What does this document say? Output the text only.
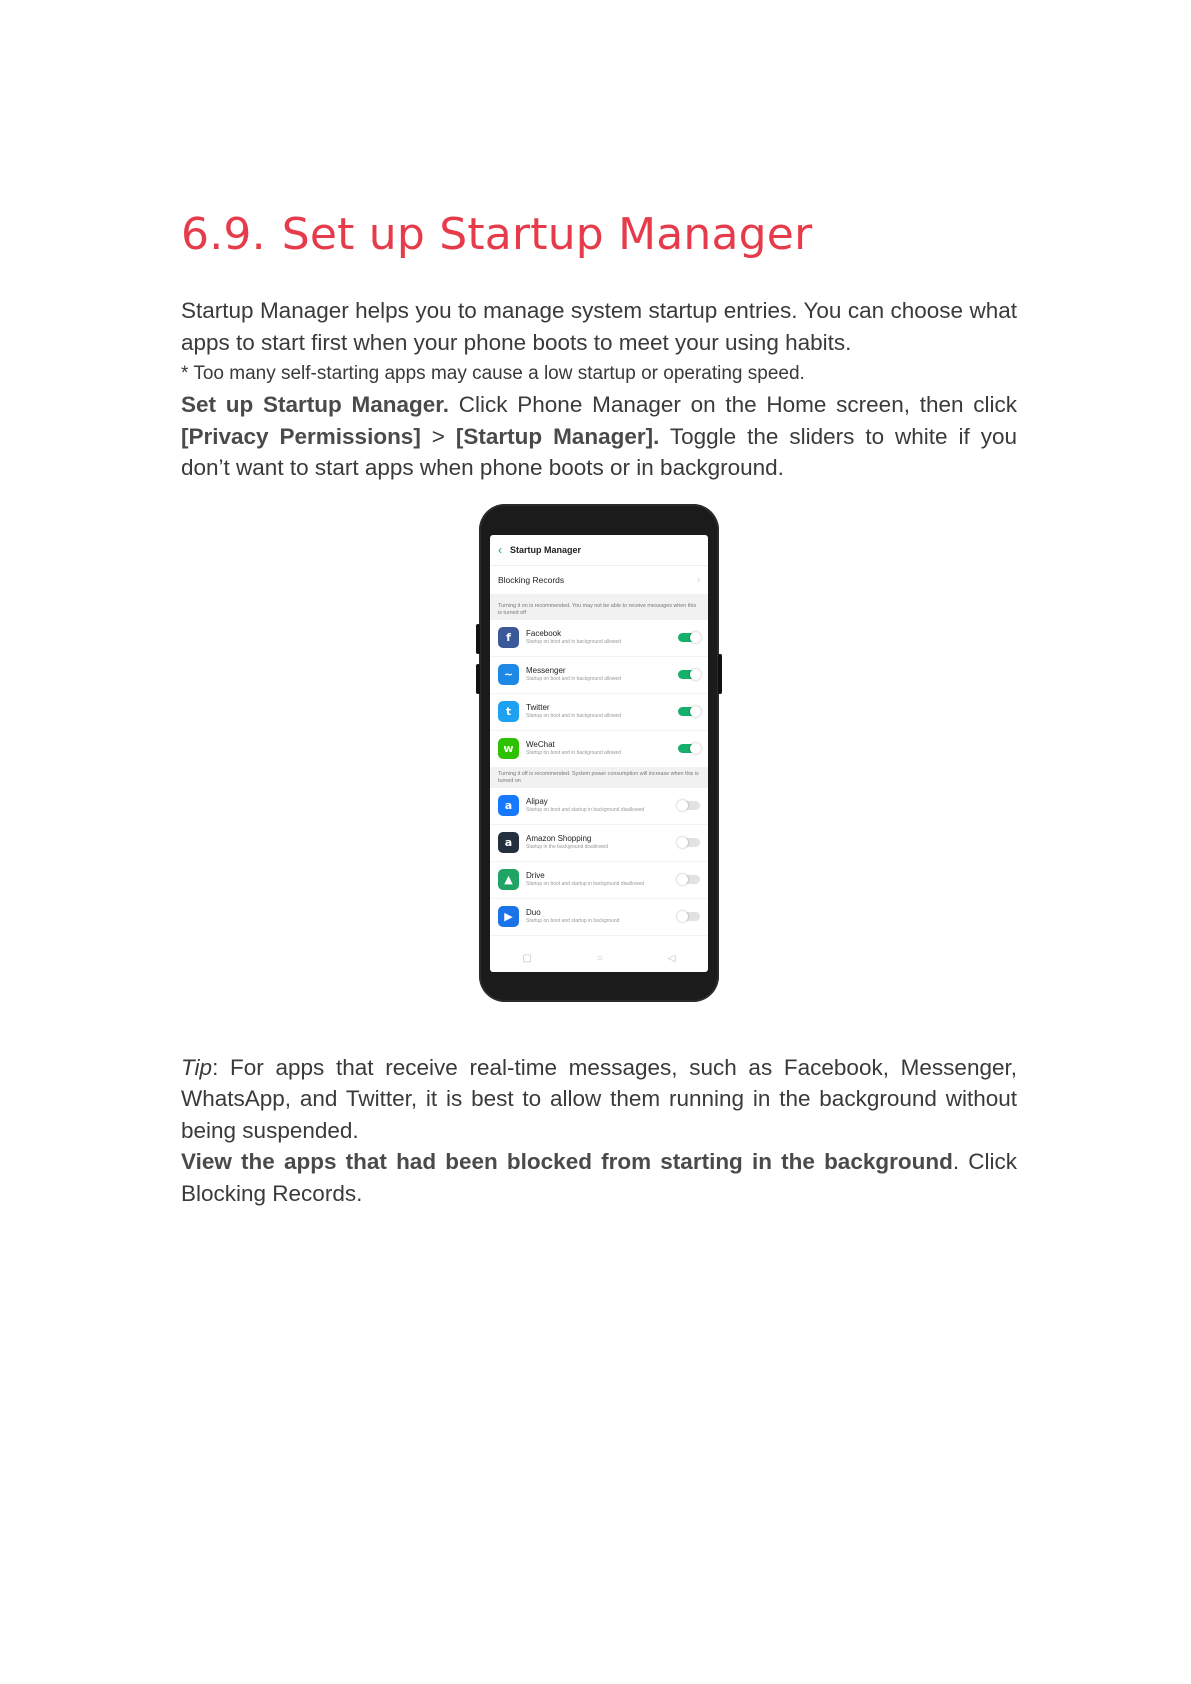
6.9. Set up Startup Manager

Startup Manager helps you to manage system startup entries. You can choose what apps to start first when your phone boots to meet your using habits.

* Too many self-starting apps may cause a low startup or operating speed.

Set up Startup Manager. Click Phone Manager on the Home screen, then click [Privacy Permissions] > [Startup Manager]. Toggle the sliders to white if you don’t want to start apps when phone boots or in background.

‹ Startup Manager
Blocking Records	›
Turning it on is recommended. You may not be able to receive messages when this is turned off
f	Facebook
Startup on boot and in background allowed
~	Messenger
Startup on boot and in background allowed
t	Twitter
Startup on boot and in background allowed
w	WeChat
Startup on boot and in background allowed
Turning it off is recommended. System power consumption will increase when this is turned on
a	Alipay
Startup on boot and startup in background disallowed
a	Amazon Shopping
Startup in the background disallowed
▲	Drive
Startup on boot and startup in background disallowed
▶	Duo
Startup on boot and startup in background
▢	○	◁

Tip: For apps that receive real-time messages, such as Facebook, Messenger, WhatsApp, and Twitter, it is best to allow them running in the background without being suspended.

View the apps that had been blocked from starting in the background. Click Blocking Records.
